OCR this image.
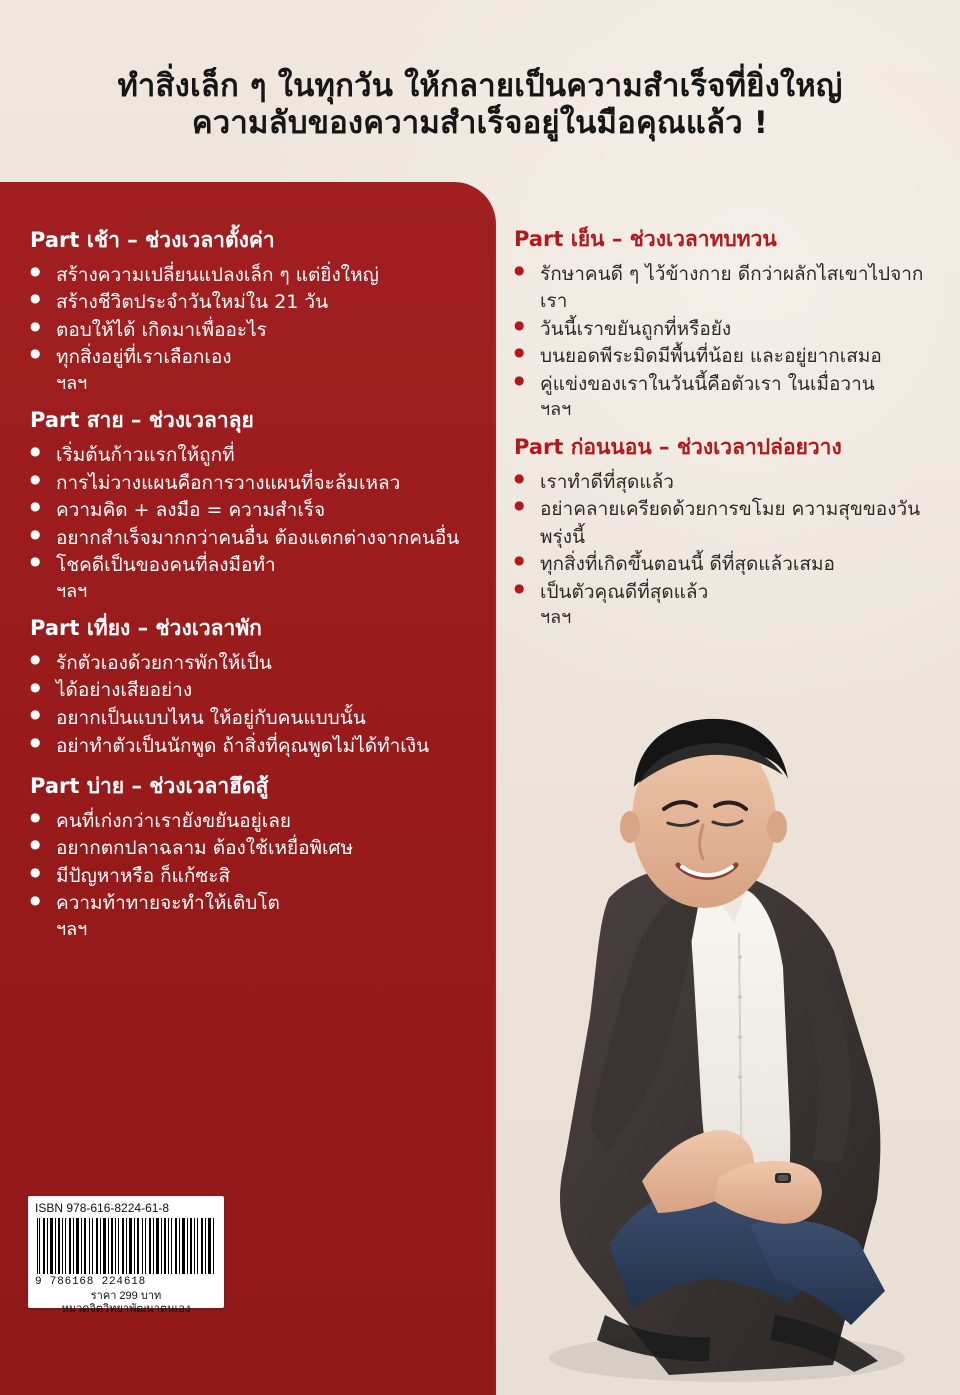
ทำสิ่งเล็ก ๆ ในทุกวัน ให้กลายเป็นความสำเร็จที่ยิ่งใหญ่

ความลับของความสำเร็จอยู่ในมือคุณแล้ว !

Part เช้า – ช่วงเวลาตั้งค่า
● สร้างความเปลี่ยนแปลงเล็ก ๆ แต่ยิ่งใหญ่
● สร้างชีวิตประจำวันใหม่ใน 21 วัน
● ตอบให้ได้ เกิดมาเพื่ออะไร
● ทุกสิ่งอยู่ที่เราเลือกเอง
ฯลฯ
Part สาย – ช่วงเวลาลุย
● เริ่มต้นก้าวแรกให้ถูกที่
● การไม่วางแผนคือการวางแผนที่จะล้มเหลว
● ความคิด + ลงมือ = ความสำเร็จ
● อยากสำเร็จมากกว่าคนอื่น ต้องแตกต่างจากคนอื่น
● โชคดีเป็นของคนที่ลงมือทำ
ฯลฯ
Part เที่ยง – ช่วงเวลาพัก
● รักตัวเองด้วยการพักให้เป็น
● ได้อย่างเสียอย่าง
● อยากเป็นแบบไหน ให้อยู่กับคนแบบนั้น
● อย่าทำตัวเป็นนักพูด ถ้าสิ่งที่คุณพูดไม่ได้ทำเงิน
Part บ่าย – ช่วงเวลาฮึดสู้
● คนที่เก่งกว่าเรายังขยันอยู่เลย
● อยากตกปลาฉลาม ต้องใช้เหยื่อพิเศษ
● มีปัญหาหรือ ก็แก้ซะสิ
● ความท้าทายจะทำให้เติบโต
ฯลฯ
Part เย็น – ช่วงเวลาทบทวน
● รักษาคนดี ๆ ไว้ข้างกาย ดีกว่าผลักไสเขาไปจากเรา
● วันนี้เราขยันถูกที่หรือยัง
● บนยอดพีระมิดมีพื้นที่น้อย และอยู่ยากเสมอ
● คู่แข่งของเราในวันนี้คือตัวเรา ในเมื่อวาน
ฯลฯ
Part ก่อนนอน – ช่วงเวลาปล่อยวาง
● เราทำดีที่สุดแล้ว
● อย่าคลายเครียดด้วยการขโมย ความสุขของวันพรุ่งนี้
● ทุกสิ่งที่เกิดขึ้นตอนนี้ ดีที่สุดแล้วเสมอ
● เป็นตัวคุณดีที่สุดแล้ว
ฯลฯ
ISBN 978-616-8224-61-8
9 786168 224618
ราคา 299 บาท
หมวดจิตวิทยาพัฒนาตนเอง
